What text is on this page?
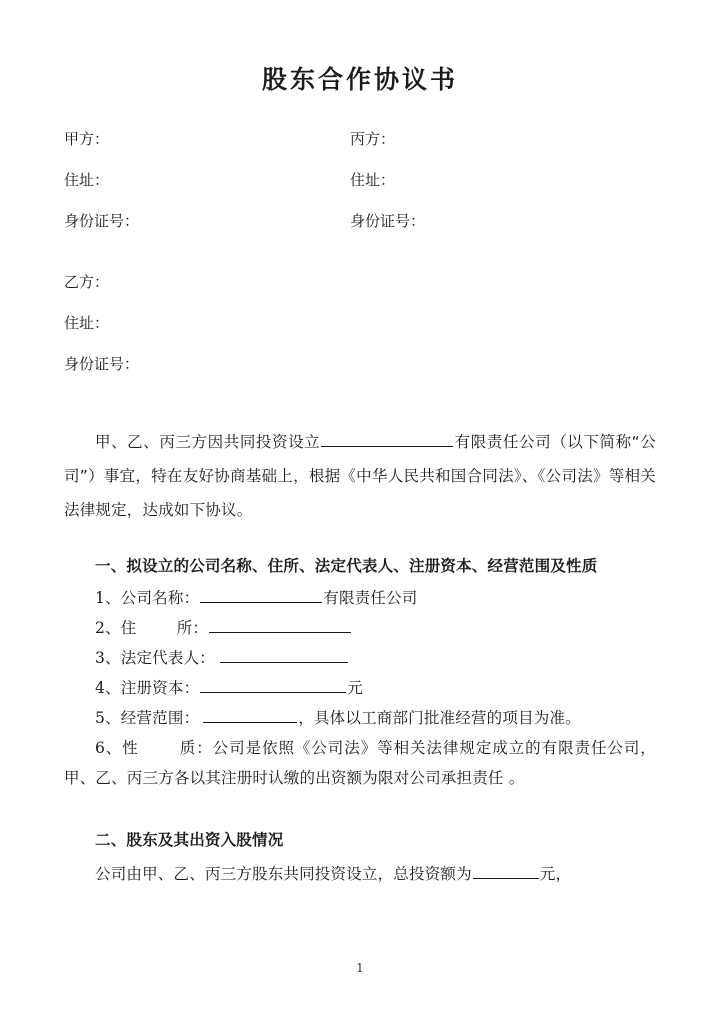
股东合作协议书
甲方：	丙方：
住址：	住址：
身份证号：	身份证号：
乙方：
住址：
身份证号：

甲、乙、丙三方因共同投资设立	有限责任公司（以下简称“公司”）事宜，特在友好协商基础上，根据《中华人民共和国合同法》、《公司法》等相关法律规定，达成如下协议。

一、拟设立的公司名称、住所、法定代表人、注册资本、经营范围及性质

1、公司名称：	有限责任公司

2、住	所：

3、法定代表人：

4、注册资本：	元

5、经营范围：	，具体以工商部门批准经营的项目为准。

6、性	质：公司是依照《公司法》等相关法律规定成立的有限责任公司，甲、乙、丙三方各以其注册时认缴的出资额为限对公司承担责任 。

二、股东及其出资入股情况

公司由甲、乙、丙三方股东共同投资设立，总投资额为	元，

1
